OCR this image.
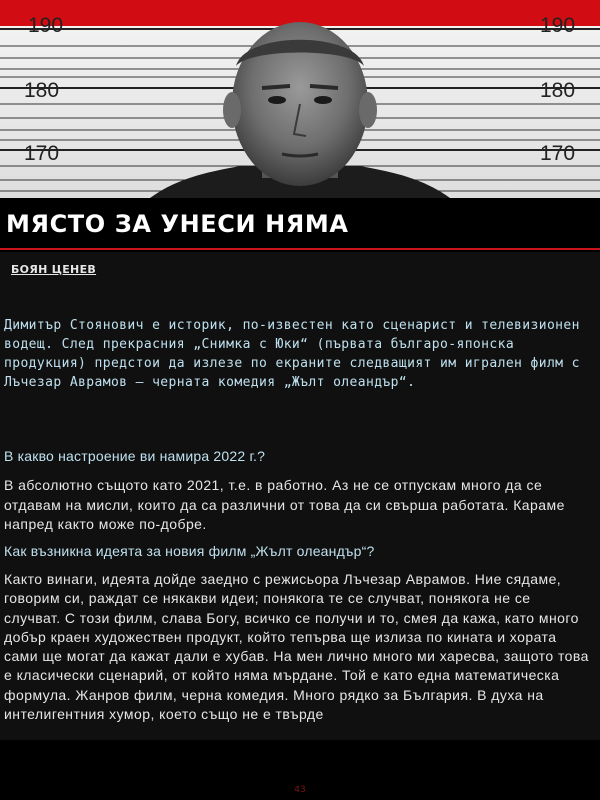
190
180
170
190
180
170
МЯСТО ЗА УНЕСИ НЯМА
БОЯН ЦЕНЕВ
Димитър Стоянович е историк, по-известен като сценарист и телевизионен водещ. След прекрасния „Снимка с Юки“ (първата българо-японска продукция) предстои да излезе по екраните следващият им игрален филм с Лъчезар Аврамов – черната комедия „Жълт олеандър“.
В какво настроение ви намира 2022 г.?
В абсолютно същото като 2021, т.е. в работно. Аз не се отпускам много да се отдавам на мисли, които да са различни от това да си свърша работата. Караме напред както може по-добре.
Как възникна идеята за новия филм „Жълт олеандър“?
Както винаги, идеята дойде заедно с режисьора Лъчезар Аврамов. Ние сядаме, говорим си, раждат се някакви идеи; понякога те се случват, понякога не се случват. С този филм, слава Богу, всичко се получи и то, смея да кажа, като много добър краен художествен продукт, който тепърва ще излиза по кината и хората сами ще могат да кажат дали е хубав. На мен лично много ми харесва, защото това е класически сценарий, от който няма мърдане. Той е като една математическа формула. Жанров филм, черна комедия. Много рядко за България. В духа на интелигентния хумор, което също не е твърде
43
